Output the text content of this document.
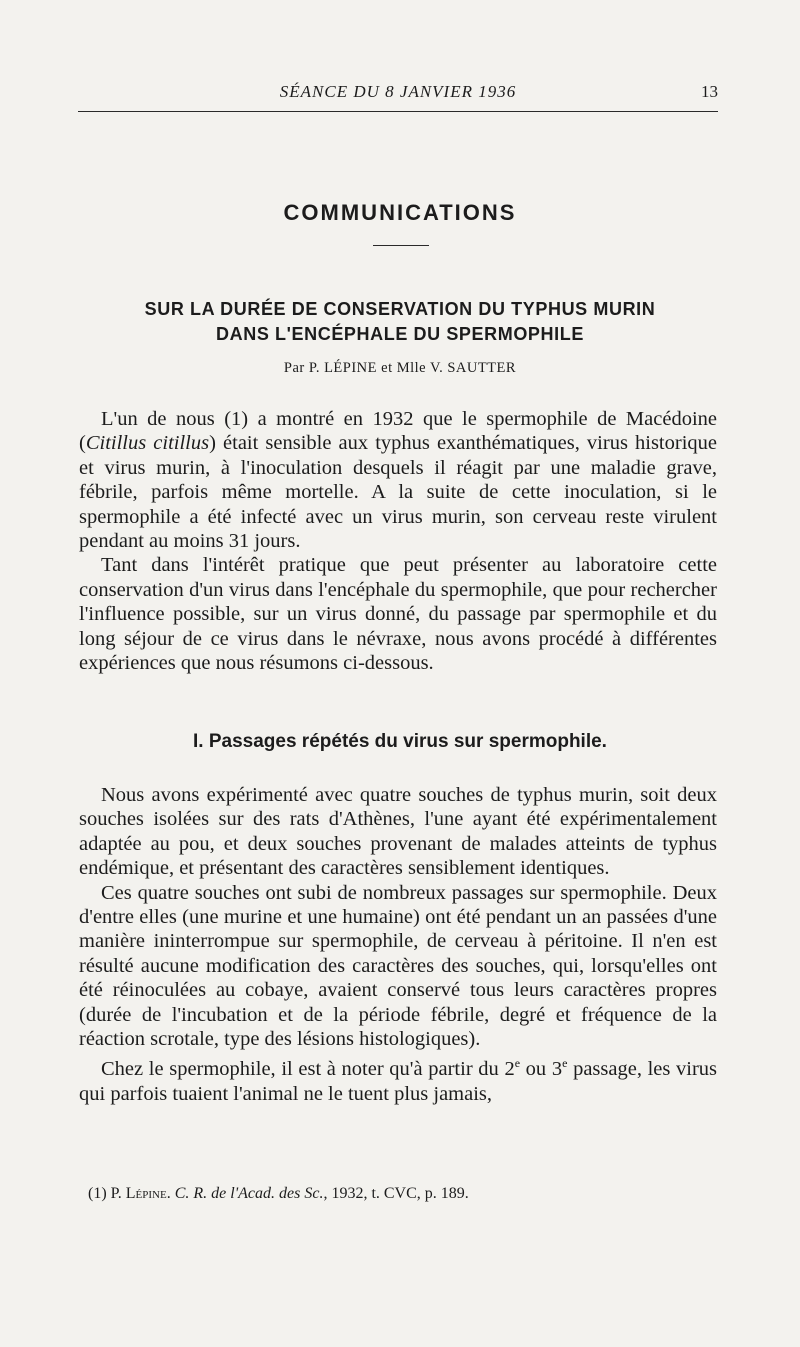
SÉANCE DU 8 JANVIER 1936	13
COMMUNICATIONS
SUR LA DURÉE DE CONSERVATION DU TYPHUS MURIN
DANS L'ENCÉPHALE DU SPERMOPHILE
Par P. LÉPINE et Mlle V. SAUTTER

L'un de nous (1) a montré en 1932 que le spermophile de Macédoine (Citillus citillus) était sensible aux typhus exanthématiques, virus historique et virus murin, à l'inoculation desquels il réagit par une maladie grave, fébrile, parfois même mortelle. A la suite de cette inoculation, si le spermophile a été infecté avec un virus murin, son cerveau reste virulent pendant au moins 31 jours.

Tant dans l'intérêt pratique que peut présenter au laboratoire cette conservation d'un virus dans l'encéphale du spermophile, que pour rechercher l'influence possible, sur un virus donné, du passage par spermophile et du long séjour de ce virus dans le névraxe, nous avons procédé à différentes expériences que nous résumons ci-dessous.

I. Passages répétés du virus sur spermophile.

Nous avons expérimenté avec quatre souches de typhus murin, soit deux souches isolées sur des rats d'Athènes, l'une ayant été expérimentalement adaptée au pou, et deux souches provenant de malades atteints de typhus endémique, et présentant des caractères sensiblement identiques.

Ces quatre souches ont subi de nombreux passages sur spermophile. Deux d'entre elles (une murine et une humaine) ont été pendant un an passées d'une manière ininterrompue sur spermophile, de cerveau à péritoine. Il n'en est résulté aucune modification des caractères des souches, qui, lorsqu'elles ont été réinoculées au cobaye, avaient conservé tous leurs caractères propres (durée de l'incubation et de la période fébrile, degré et fréquence de la réaction scrotale, type des lésions histologiques).

Chez le spermophile, il est à noter qu'à partir du 2e ou 3e passage, les virus qui parfois tuaient l'animal ne le tuent plus jamais,

(1) P. Lépine. C. R. de l'Acad. des Sc., 1932, t. CVC, p. 189.
